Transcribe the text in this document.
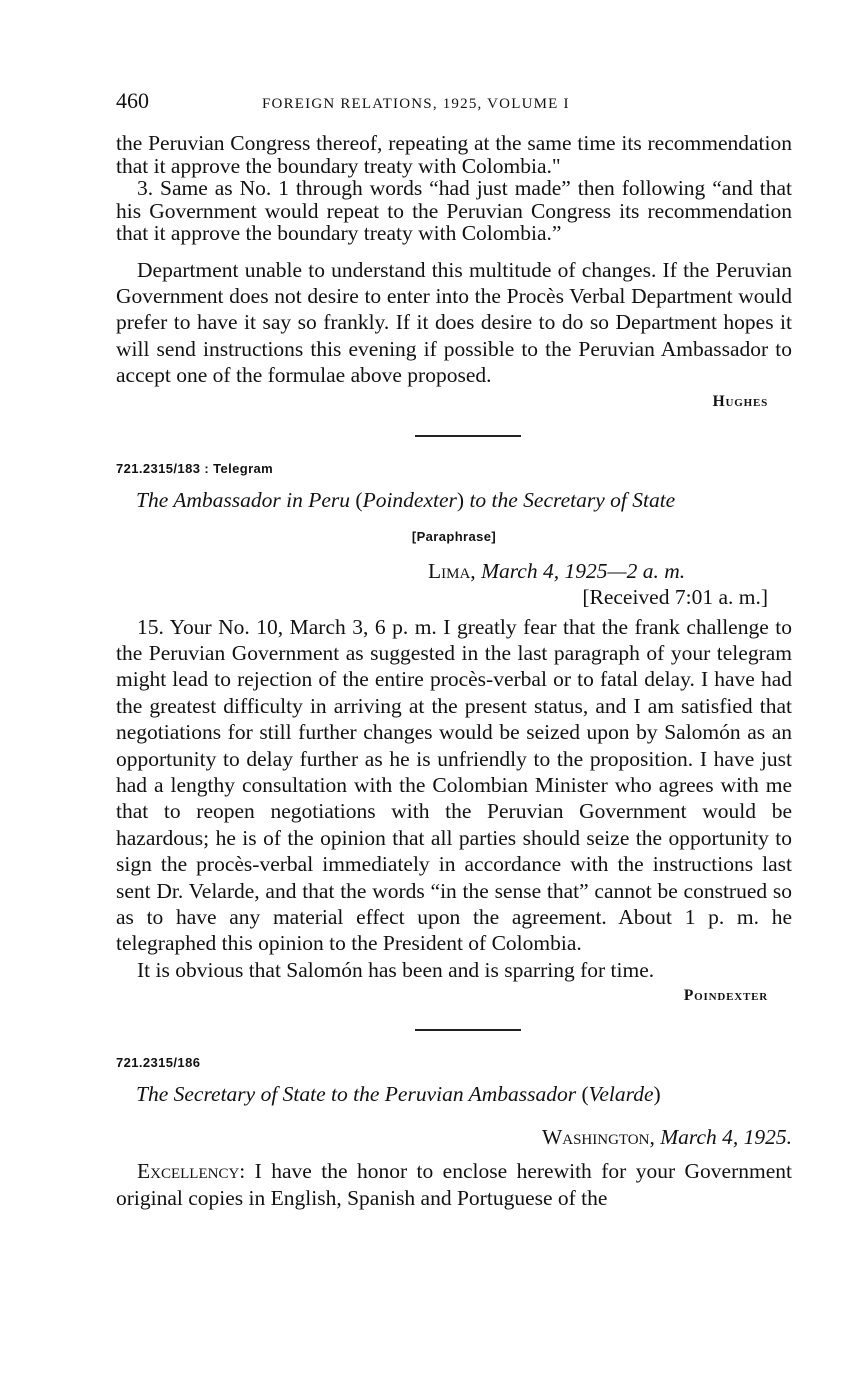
460	FOREIGN RELATIONS, 1925, VOLUME I

the Peruvian Congress thereof, repeating at the same time its recommendation that it approve the boundary treaty with Colombia."

3. Same as No. 1 through words “had just made” then following “and that his Government would repeat to the Peruvian Congress its recommendation that it approve the boundary treaty with Colombia.”

Department unable to understand this multitude of changes. If the Peruvian Government does not desire to enter into the Procès Verbal Department would prefer to have it say so frankly. If it does desire to do so Department hopes it will send instructions this evening if possible to the Peruvian Ambassador to accept one of the formulae above proposed.

Hughes
721.2315/183 : Telegram
The Ambassador in Peru (Poindexter) to the Secretary of State
[Paraphrase]
Lima, March 4, 1925—2 a. m.
[Received 7:01 a. m.]

15. Your No. 10, March 3, 6 p. m. I greatly fear that the frank challenge to the Peruvian Government as suggested in the last paragraph of your telegram might lead to rejection of the entire procès-verbal or to fatal delay. I have had the greatest difficulty in arriving at the present status, and I am satisfied that negotiations for still further changes would be seized upon by Salomón as an opportunity to delay further as he is unfriendly to the proposition. I have just had a lengthy consultation with the Colombian Minister who agrees with me that to reopen negotiations with the Peruvian Government would be hazardous; he is of the opinion that all parties should seize the opportunity to sign the procès-verbal immediately in accordance with the instructions last sent Dr. Velarde, and that the words “in the sense that” cannot be construed so as to have any material effect upon the agreement. About 1 p. m. he telegraphed this opinion to the President of Colombia.

It is obvious that Salomón has been and is sparring for time.

Poindexter
721.2315/186
The Secretary of State to the Peruvian Ambassador (Velarde)
Washington, March 4, 1925.

Excellency: I have the honor to enclose herewith for your Government original copies in English, Spanish and Portuguese of the
